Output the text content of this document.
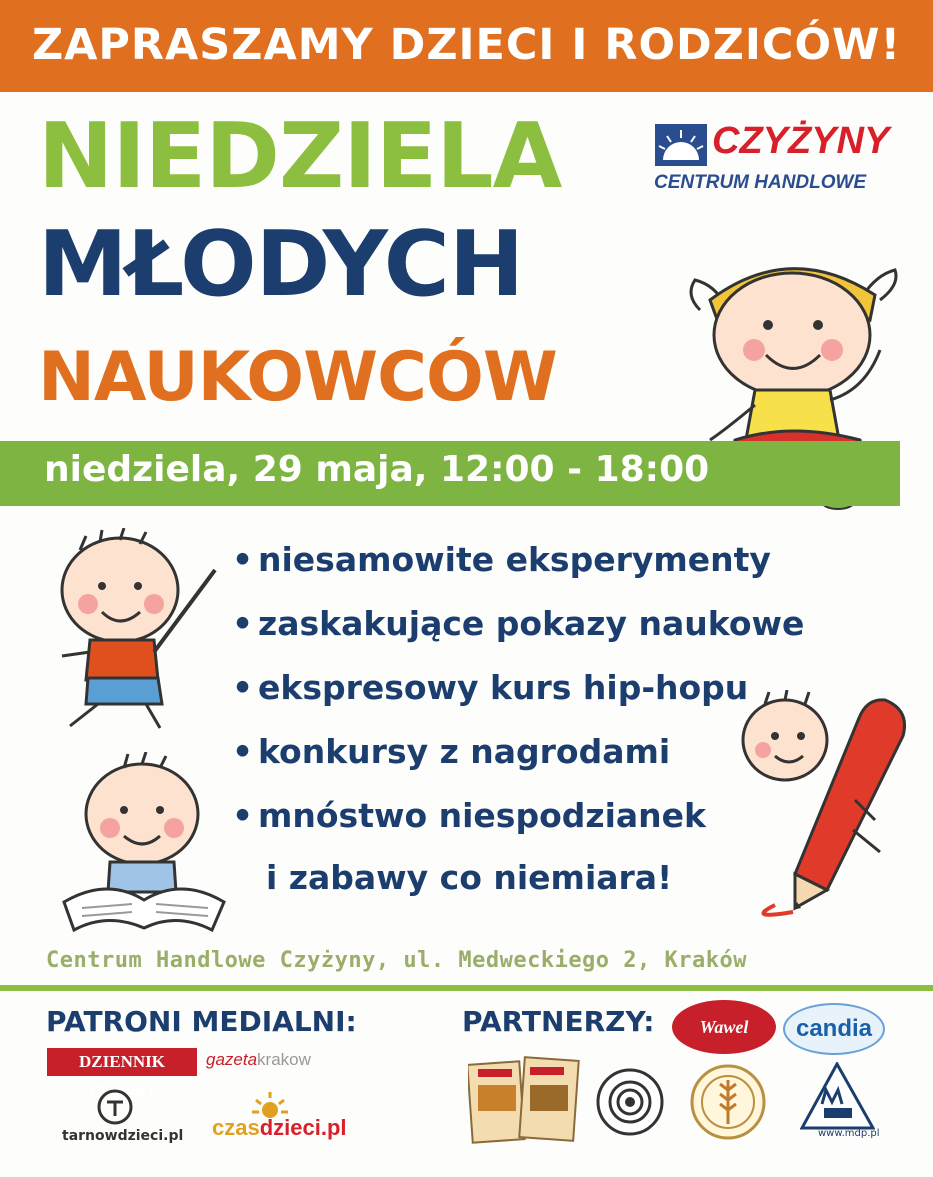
ZAPRASZAMY DZIECI I RODZICÓW!
NIEDZIELA
MŁODYCH
NAUKOWCÓW
CZYŻYNY
CENTRUM HANDLOWE
niedziela, 29 maja, 12:00 - 18:00
• niesamowite eksperymenty
• zaskakujące pokazy naukowe
• ekspresowy kurs hip-hopu
• konkursy z nagrodami
• mnóstwo niespodzianek
i zabawy co niemiara!
Centrum Handlowe Czyżyny, ul. Medweckiego 2, Kraków
PATRONI MEDIALNI:	PARTNERZY:
DZIENNIK POLSKI
gazetakrakow
tarnowdzieci.pl czasdzieci.pl
Wawel	candia
www.mdp.pl
